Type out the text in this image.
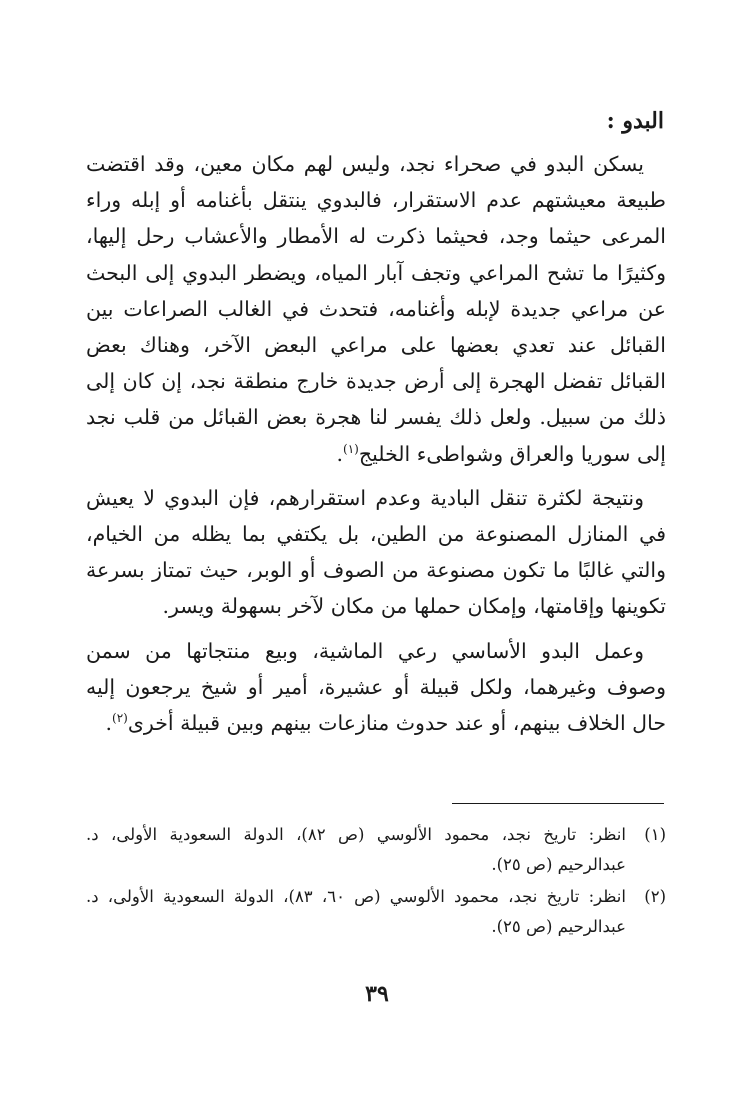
البدو :

يسكن البدو في صحراء نجد، وليس لهم مكان معين، وقد اقتضت طبيعة معيشتهم عدم الاستقرار، فالبدوي ينتقل بأغنامه أو إبله وراء المرعى حيثما وجد، فحيثما ذكرت له الأمطار والأعشاب رحل إليها، وكثيرًا ما تشح المراعي وتجف آبار المياه، ويضطر البدوي إلى البحث عن مراعي جديدة لإبله وأغنامه، فتحدث في الغالب الصراعات بين القبائل عند تعدي بعضها على مراعي البعض الآخر، وهناك بعض القبائل تفضل الهجرة إلى أرض جديدة خارج منطقة نجد، إن كان إلى ذلك من سبيل. ولعل ذلك يفسر لنا هجرة بعض القبائل من قلب نجد إلى سوريا والعراق وشواطىء الخليج$^{(١)}$.

ونتيجة لكثرة تنقل البادية وعدم استقرارهم، فإن البدوي لا يعيش في المنازل المصنوعة من الطين، بل يكتفي بما يظله من الخيام، والتي غالبًا ما تكون مصنوعة من الصوف أو الوبر، حيث تمتاز بسرعة تكوينها وإقامتها، وإمكان حملها من مكان لآخر بسهولة ويسر.

وعمل البدو الأساسي رعي الماشية، وبيع منتجاتها من سمن وصوف وغيرهما، ولكل قبيلة أو عشيرة، أمير أو شيخ يرجعون إليه حال الخلاف بينهم، أو عند حدوث منازعات بينهم وبين قبيلة أخرى$^{(٢)}$.

(١)
انظر: تاريخ نجد، محمود الألوسي (ص ٨٢)، الدولة السعودية الأولى، د. عبدالرحيم (ص ٢٥).
(٢)
انظر: تاريخ نجد، محمود الألوسي (ص ٦٠، ٨٣)، الدولة السعودية الأولى، د. عبدالرحيم (ص ٢٥).
٣٩
